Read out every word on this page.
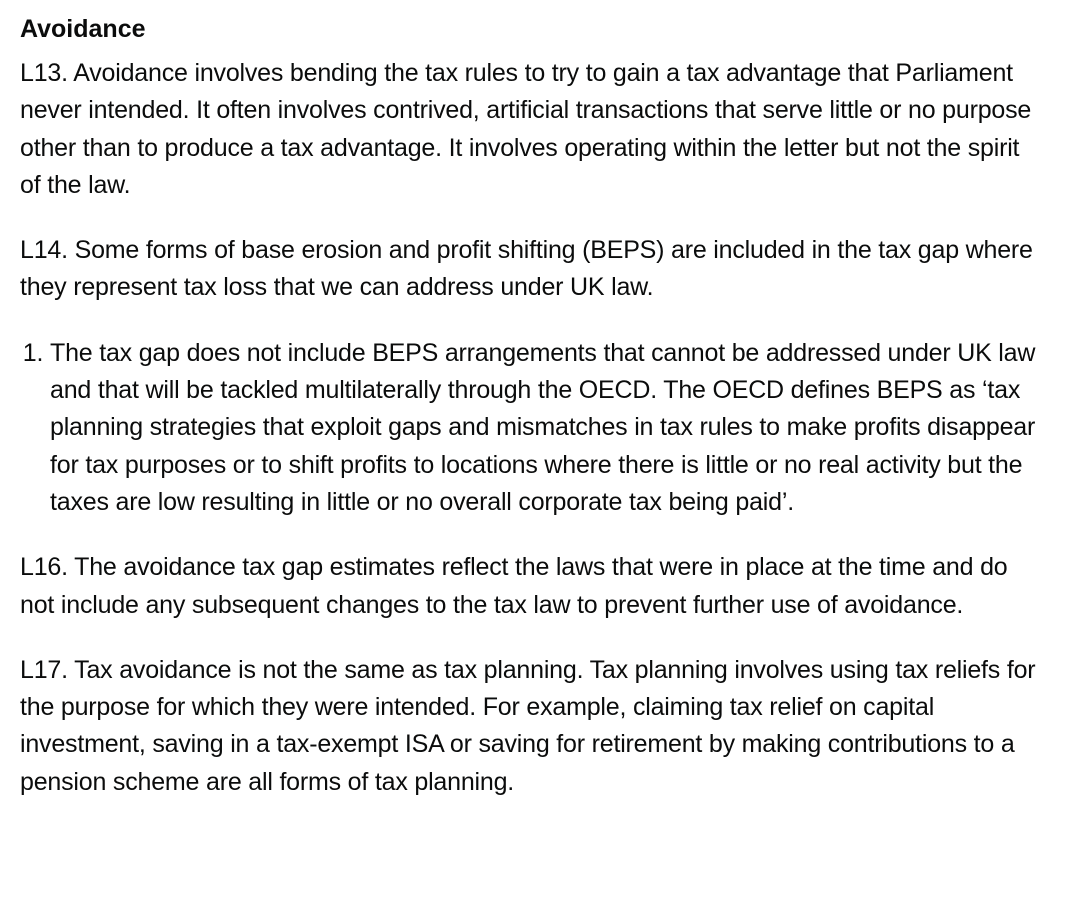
Avoidance

L13. Avoidance involves bending the tax rules to try to gain a tax advantage that Parliament never intended. It often involves contrived, artificial transactions that serve little or no purpose other than to produce a tax advantage. It involves operating within the letter but not the spirit of the law.

L14. Some forms of base erosion and profit shifting (BEPS) are included in the tax gap where they represent tax loss that we can address under UK law.

1. The tax gap does not include BEPS arrangements that cannot be addressed under UK law and that will be tackled multilaterally through the OECD. The OECD defines BEPS as ‘tax planning strategies that exploit gaps and mismatches in tax rules to make profits disappear for tax purposes or to shift profits to locations where there is little or no real activity but the taxes are low resulting in little or no overall corporate tax being paid’.

L16. The avoidance tax gap estimates reflect the laws that were in place at the time and do not include any subsequent changes to the tax law to prevent further use of avoidance.

L17. Tax avoidance is not the same as tax planning. Tax planning involves using tax reliefs for the purpose for which they were intended. For example, claiming tax relief on capital investment, saving in a tax-exempt ISA or saving for retirement by making contributions to a pension scheme are all forms of tax planning.
